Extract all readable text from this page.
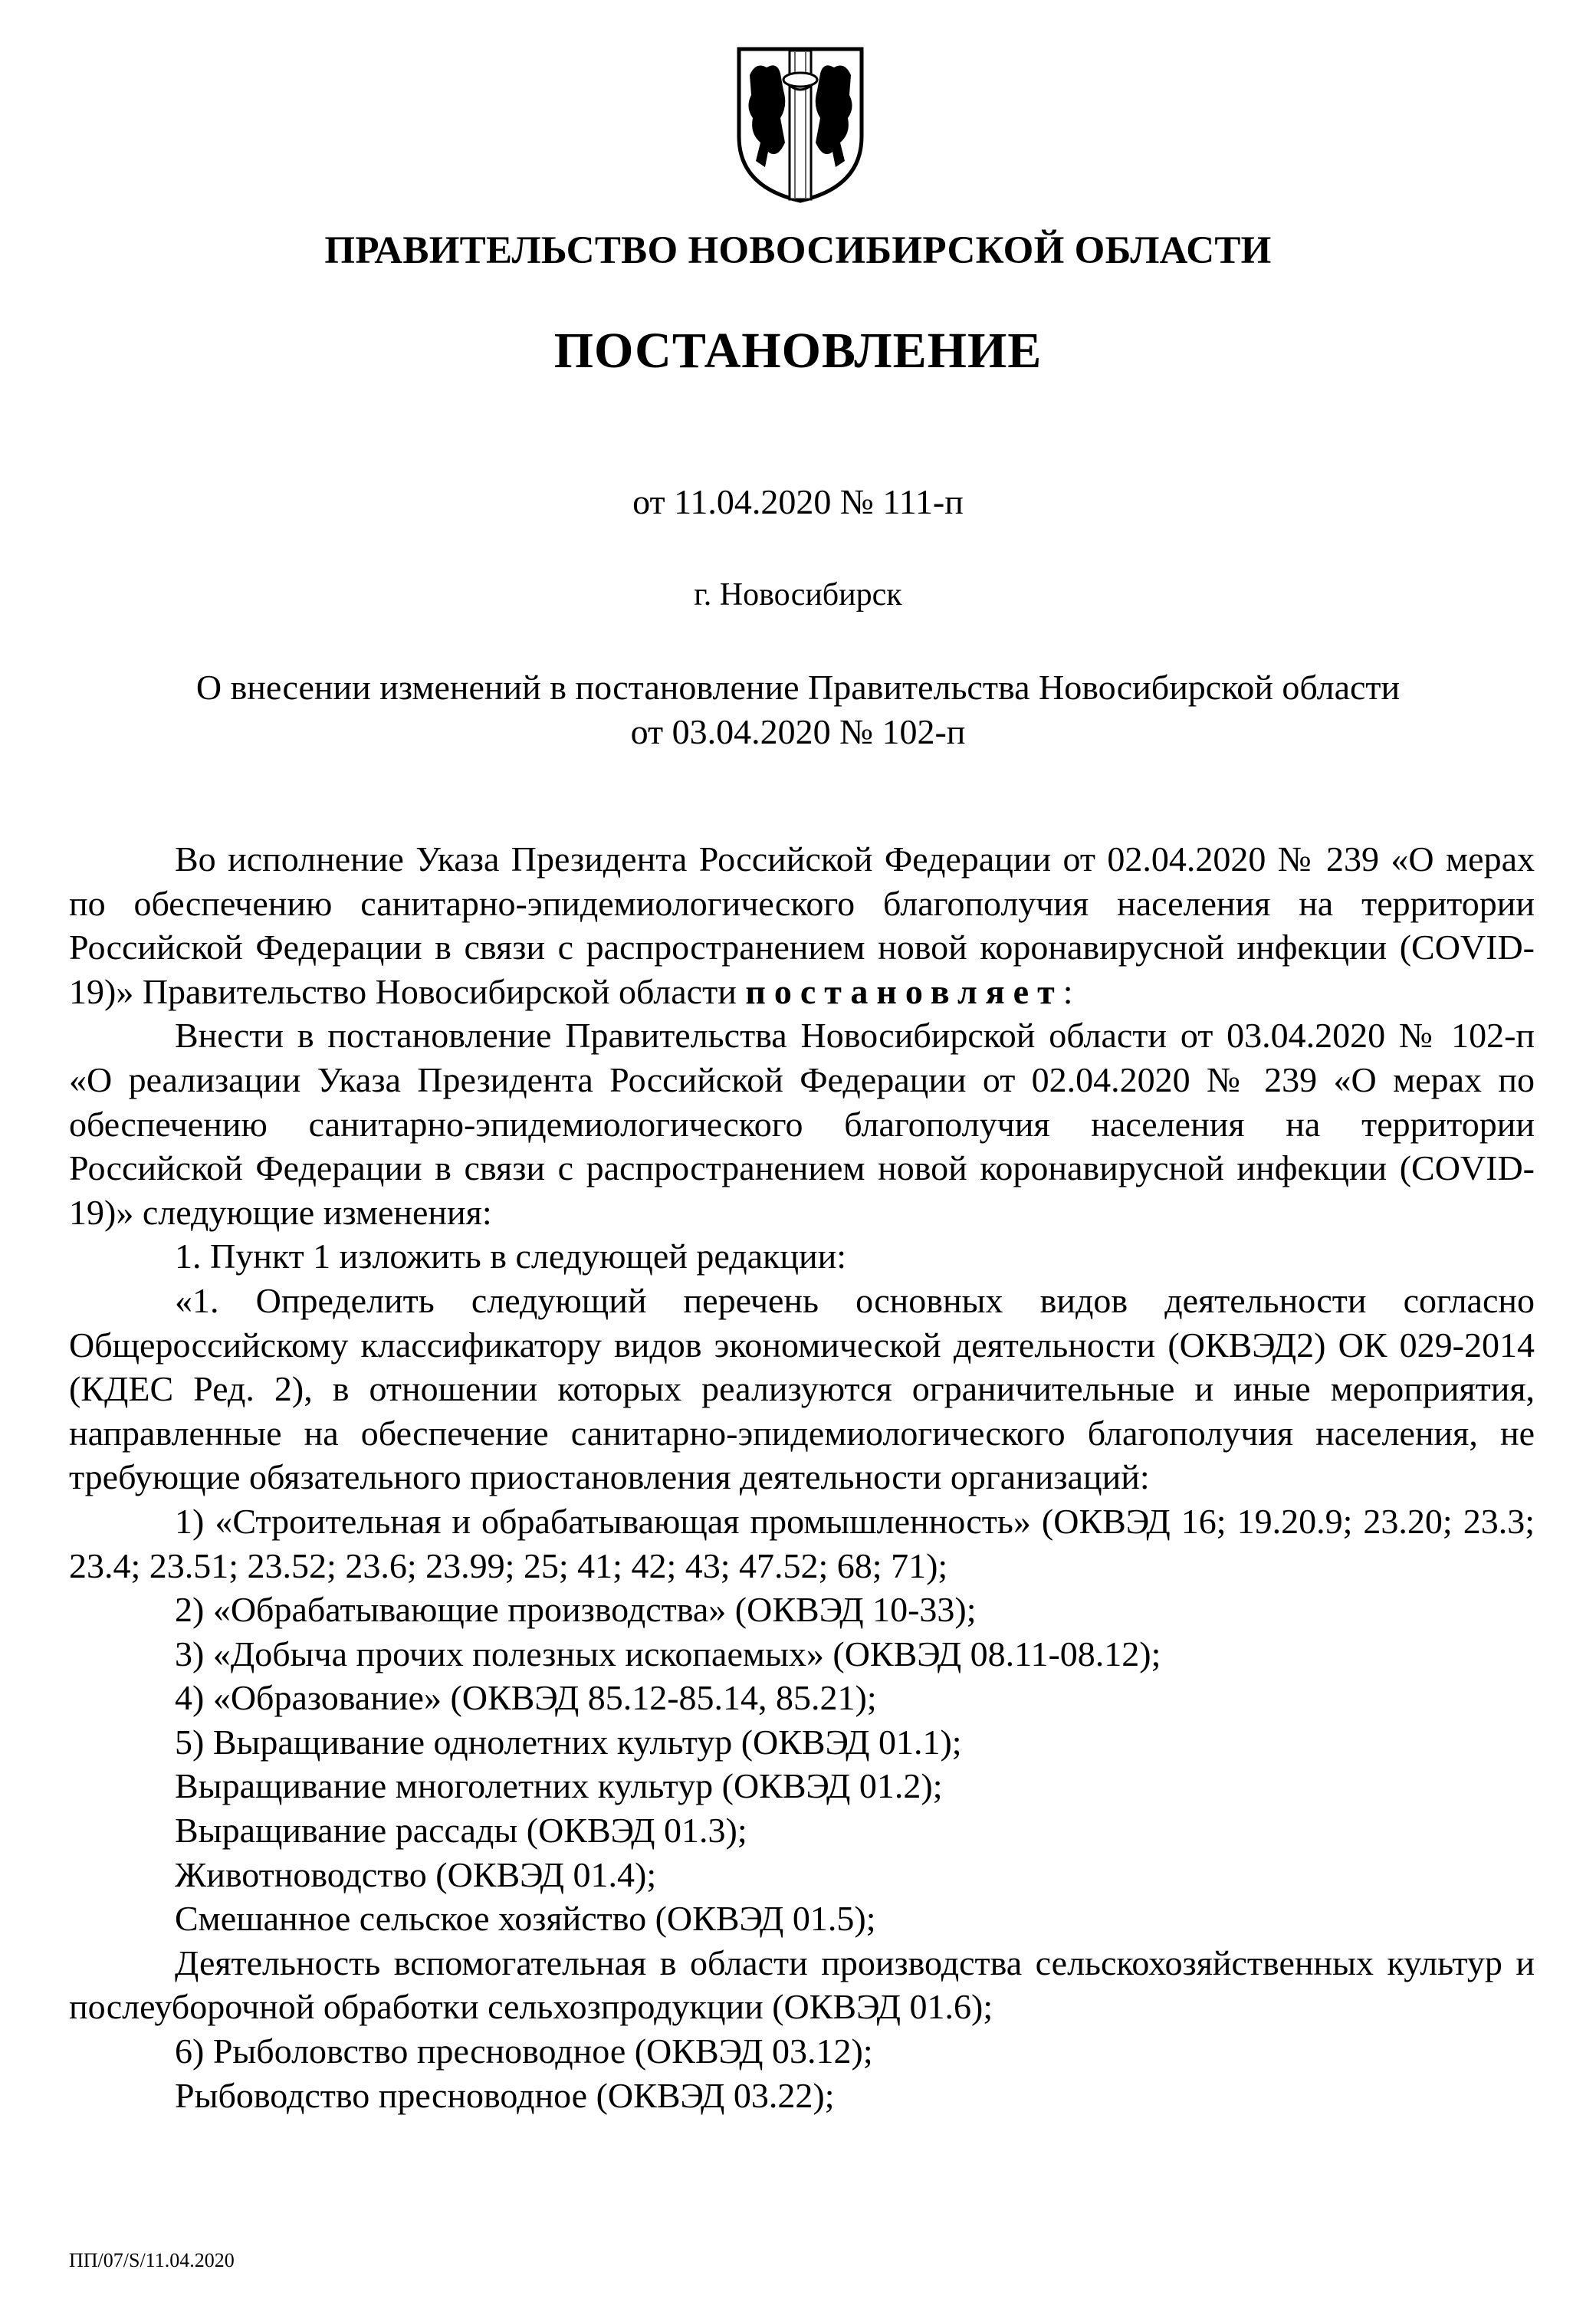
ПРАВИТЕЛЬСТВО НОВОСИБИРСКОЙ ОБЛАСТИ
ПОСТАНОВЛЕНИЕ
от 11.04.2020 № 111-п
г. Новосибирск
О внесении изменений в постановление Правительства Новосибирской области
от 03.04.2020 № 102-п

Во исполнение Указа Президента Российской Федерации от 02.04.2020 № 239 «О мерах по обеспечению санитарно-эпидемиологического благополучия населения на территории Российской Федерации в связи с распространением новой коронавирусной инфекции (COVID-19)» Правительство Новосибирской области постановляет:

Внести в постановление Правительства Новосибирской области от 03.04.2020 № 102-п «О реализации Указа Президента Российской Федерации от 02.04.2020 № 239 «О мерах по обеспечению санитарно-эпидемиологического благополучия населения на территории Российской Федерации в связи с распространением новой коронавирусной инфекции (COVID-19)» следующие изменения:

1. Пункт 1 изложить в следующей редакции:

«1. Определить следующий перечень основных видов деятельности согласно Общероссийскому классификатору видов экономической деятельности (ОКВЭД2) ОК 029-2014 (КДЕС Ред. 2), в отношении которых реализуются ограничительные и иные мероприятия, направленные на обеспечение санитарно-эпидемиологического благополучия населения, не требующие обязательного приостановления деятельности организаций:

1) «Строительная и обрабатывающая промышленность» (ОКВЭД 16; 19.20.9; 23.20; 23.3; 23.4; 23.51; 23.52; 23.6; 23.99; 25; 41; 42; 43; 47.52; 68; 71);

2) «Обрабатывающие производства» (ОКВЭД 10-33);

3) «Добыча прочих полезных ископаемых» (ОКВЭД 08.11-08.12);

4) «Образование» (ОКВЭД 85.12-85.14, 85.21);

5) Выращивание однолетних культур (ОКВЭД 01.1);

Выращивание многолетних культур (ОКВЭД 01.2);

Выращивание рассады (ОКВЭД 01.3);

Животноводство (ОКВЭД 01.4);

Смешанное сельское хозяйство (ОКВЭД 01.5);

Деятельность вспомогательная в области производства сельскохозяйственных культур и послеуборочной обработки сельхозпродукции (ОКВЭД 01.6);

6) Рыболовство пресноводное (ОКВЭД 03.12);

Рыбоводство пресноводное (ОКВЭД 03.22);

ПП/07/S/11.04.2020
